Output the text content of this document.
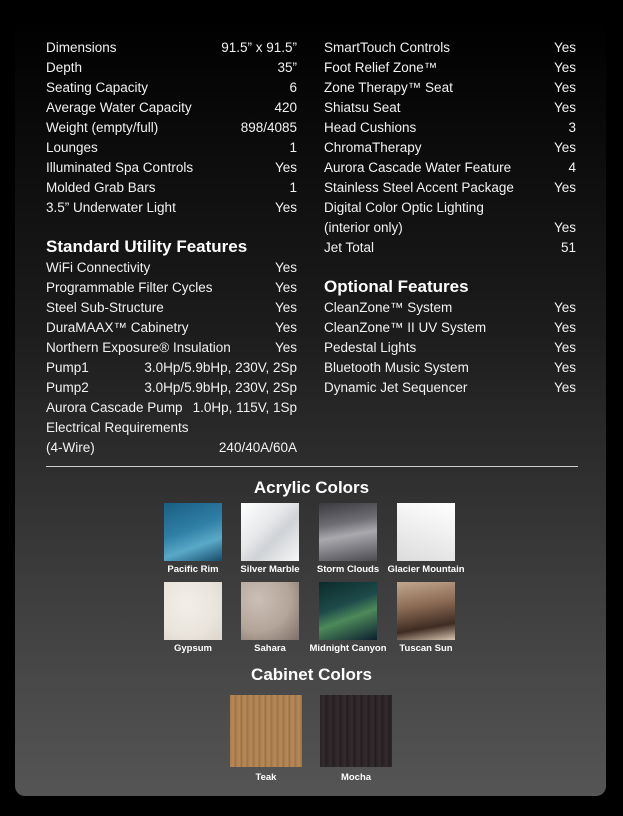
Dimensions	91.5” x 91.5”
Depth	35”
Seating Capacity	6
Average Water Capacity	420
Weight (empty/full)	898/4085
Lounges	1
Illuminated Spa Controls	Yes
Molded Grab Bars	1
3.5” Underwater Light	Yes
Standard Utility Features
WiFi Connectivity	Yes
Programmable Filter Cycles	Yes
Steel Sub-Structure	Yes
DuraMAAX™ Cabinetry	Yes
Northern Exposure® Insulation	Yes
Pump1	3.0Hp/5.9bHp, 230V, 2Sp
Pump2	3.0Hp/5.9bHp, 230V, 2Sp
Aurora Cascade Pump 1.0Hp, 115V, 1Sp
Electrical Requirements
(4-Wire)	240/40A/60A
SmartTouch Controls	Yes
Foot Relief Zone™	Yes
Zone Therapy™ Seat	Yes
Shiatsu Seat	Yes
Head Cushions	3
ChromaTherapy	Yes
Aurora Cascade Water Feature	4
Stainless Steel Accent Package	Yes
Digital Color Optic Lighting
(interior only)	Yes
Jet Total	51
Optional Features
CleanZone™ System	Yes
CleanZone™ II UV System	Yes
Pedestal Lights	Yes
Bluetooth Music System	Yes
Dynamic Jet Sequencer	Yes
Acrylic Colors
Pacific Rim	Silver Marble	Storm Clouds Glacier Mountain
Gypsum	Sahara	Midnight Canyon	Tuscan Sun
Cabinet Colors
Teak	Mocha
